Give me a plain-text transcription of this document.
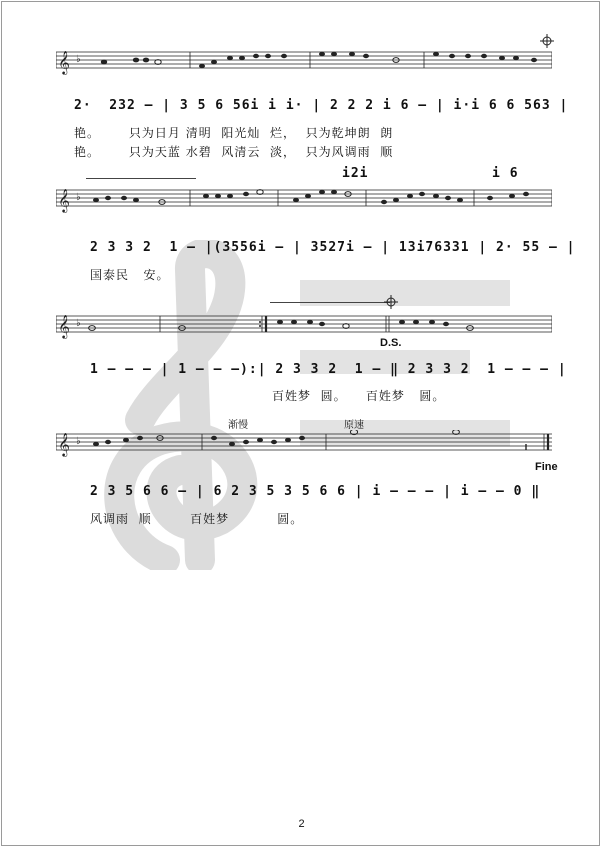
𝄞 ♭
2·  232 – | 3 5 6 56i i i· | 2 2 2 i 6 – | i·i 6 6 563 |
艳。      只为日月 清明  阳光灿  烂，  只为乾坤朗  朗
艳。      只为天蓝 水碧  风清云  淡，  只为风调雨  顺
𝄞 ♭
i2i              i 6
2 3 3 2  1 – |(3556i – | 3527i – | 13i76331 | 2· 55 – |
国泰民   安。
𝄞 ♭
D.S.
1 – – – | 1 – – –):| 2 3 3 2  1 – ‖ 2 3 3 2  1 – – – |
百姓梦  圆。    百姓梦   圆。
𝄞 ♭
渐慢	原速
Fine
2 3 5 6 6 – | 6 2 3 5 3 5 6 6 | i – – – | i – – 0 ‖
风调雨  顺        百姓梦          圆。
2
